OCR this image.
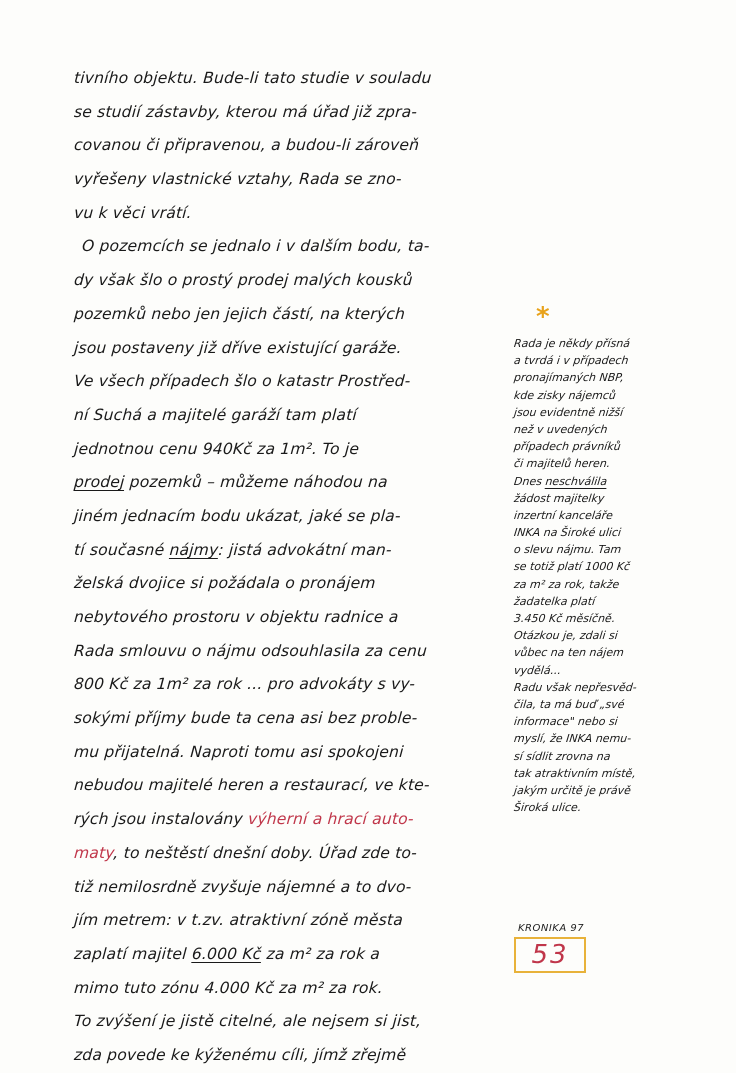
tivního objektu. Bude-li tato studie v souladu
se studií zástavby, kterou má úřad již zpra-
covanou či připravenou, a budou-li zároveň
vyřešeny vlastnické vztahy, Rada se zno-
vu k věci vrátí.
O pozemcích se jednalo i v dalším bodu, ta-
dy však šlo o prostý prodej malých kousků
pozemků nebo jen jejich částí, na kterých
jsou postaveny již dříve existující garáže.
Ve všech případech šlo o katastr Prostřed-
ní Suchá a majitelé garáží tam platí
jednotnou cenu 940Kč za 1m². To je
prodej pozemků – můžeme náhodou na
jiném jednacím bodu ukázat, jaké se pla-
tí současné nájmy: jistá advokátní man-
želská dvojice si požádala o pronájem
nebytového prostoru v objektu radnice a
Rada smlouvu o nájmu odsouhlasila za cenu
800 Kč za 1m² za rok ... pro advokáty s vy-
sokými příjmy bude ta cena asi bez proble-
mu přijatelná. Naproti tomu asi spokojeni
nebudou majitelé heren a restaurací, ve kte-
rých jsou instalovány výherní a hrací auto-
maty, to neštěstí dnešní doby. Úřad zde to-
tiž nemilosrdně zvyšuje nájemné a to dvo-
jím metrem: v t.zv. atraktivní zóně města
zaplatí majitel 6.000 Kč za m² za rok a
mimo tuto zónu 4.000 Kč za m² za rok.
To zvýšení je jistě citelné, ale nejsem si jist,
zda povede ke kýženému cíli, jímž zřejmě
*
Rada je někdy přísná
a tvrdá i v případech
pronajímaných NBP,
kde zisky nájemců
jsou evidentně nižší
než v uvedených
případech právníků
či majitelů heren.
Dnes neschválila
žádost majitelky
inzertní kanceláře
INKA na Široké ulici
o slevu nájmu. Tam
se totiž platí 1000 Kč
za m² za rok, takže
žadatelka platí
3.450 Kč měsíčně.
Otázkou je, zdali si
vůbec na ten nájem
vydělá...
Radu však nepřesvěd-
čila, ta má buď „své
informace" nebo si
myslí, že INKA nemu-
sí sídlit zrovna na
tak atraktivním místě,
jakým určitě je právě
Široká ulice.
KRONIKA 97
53
